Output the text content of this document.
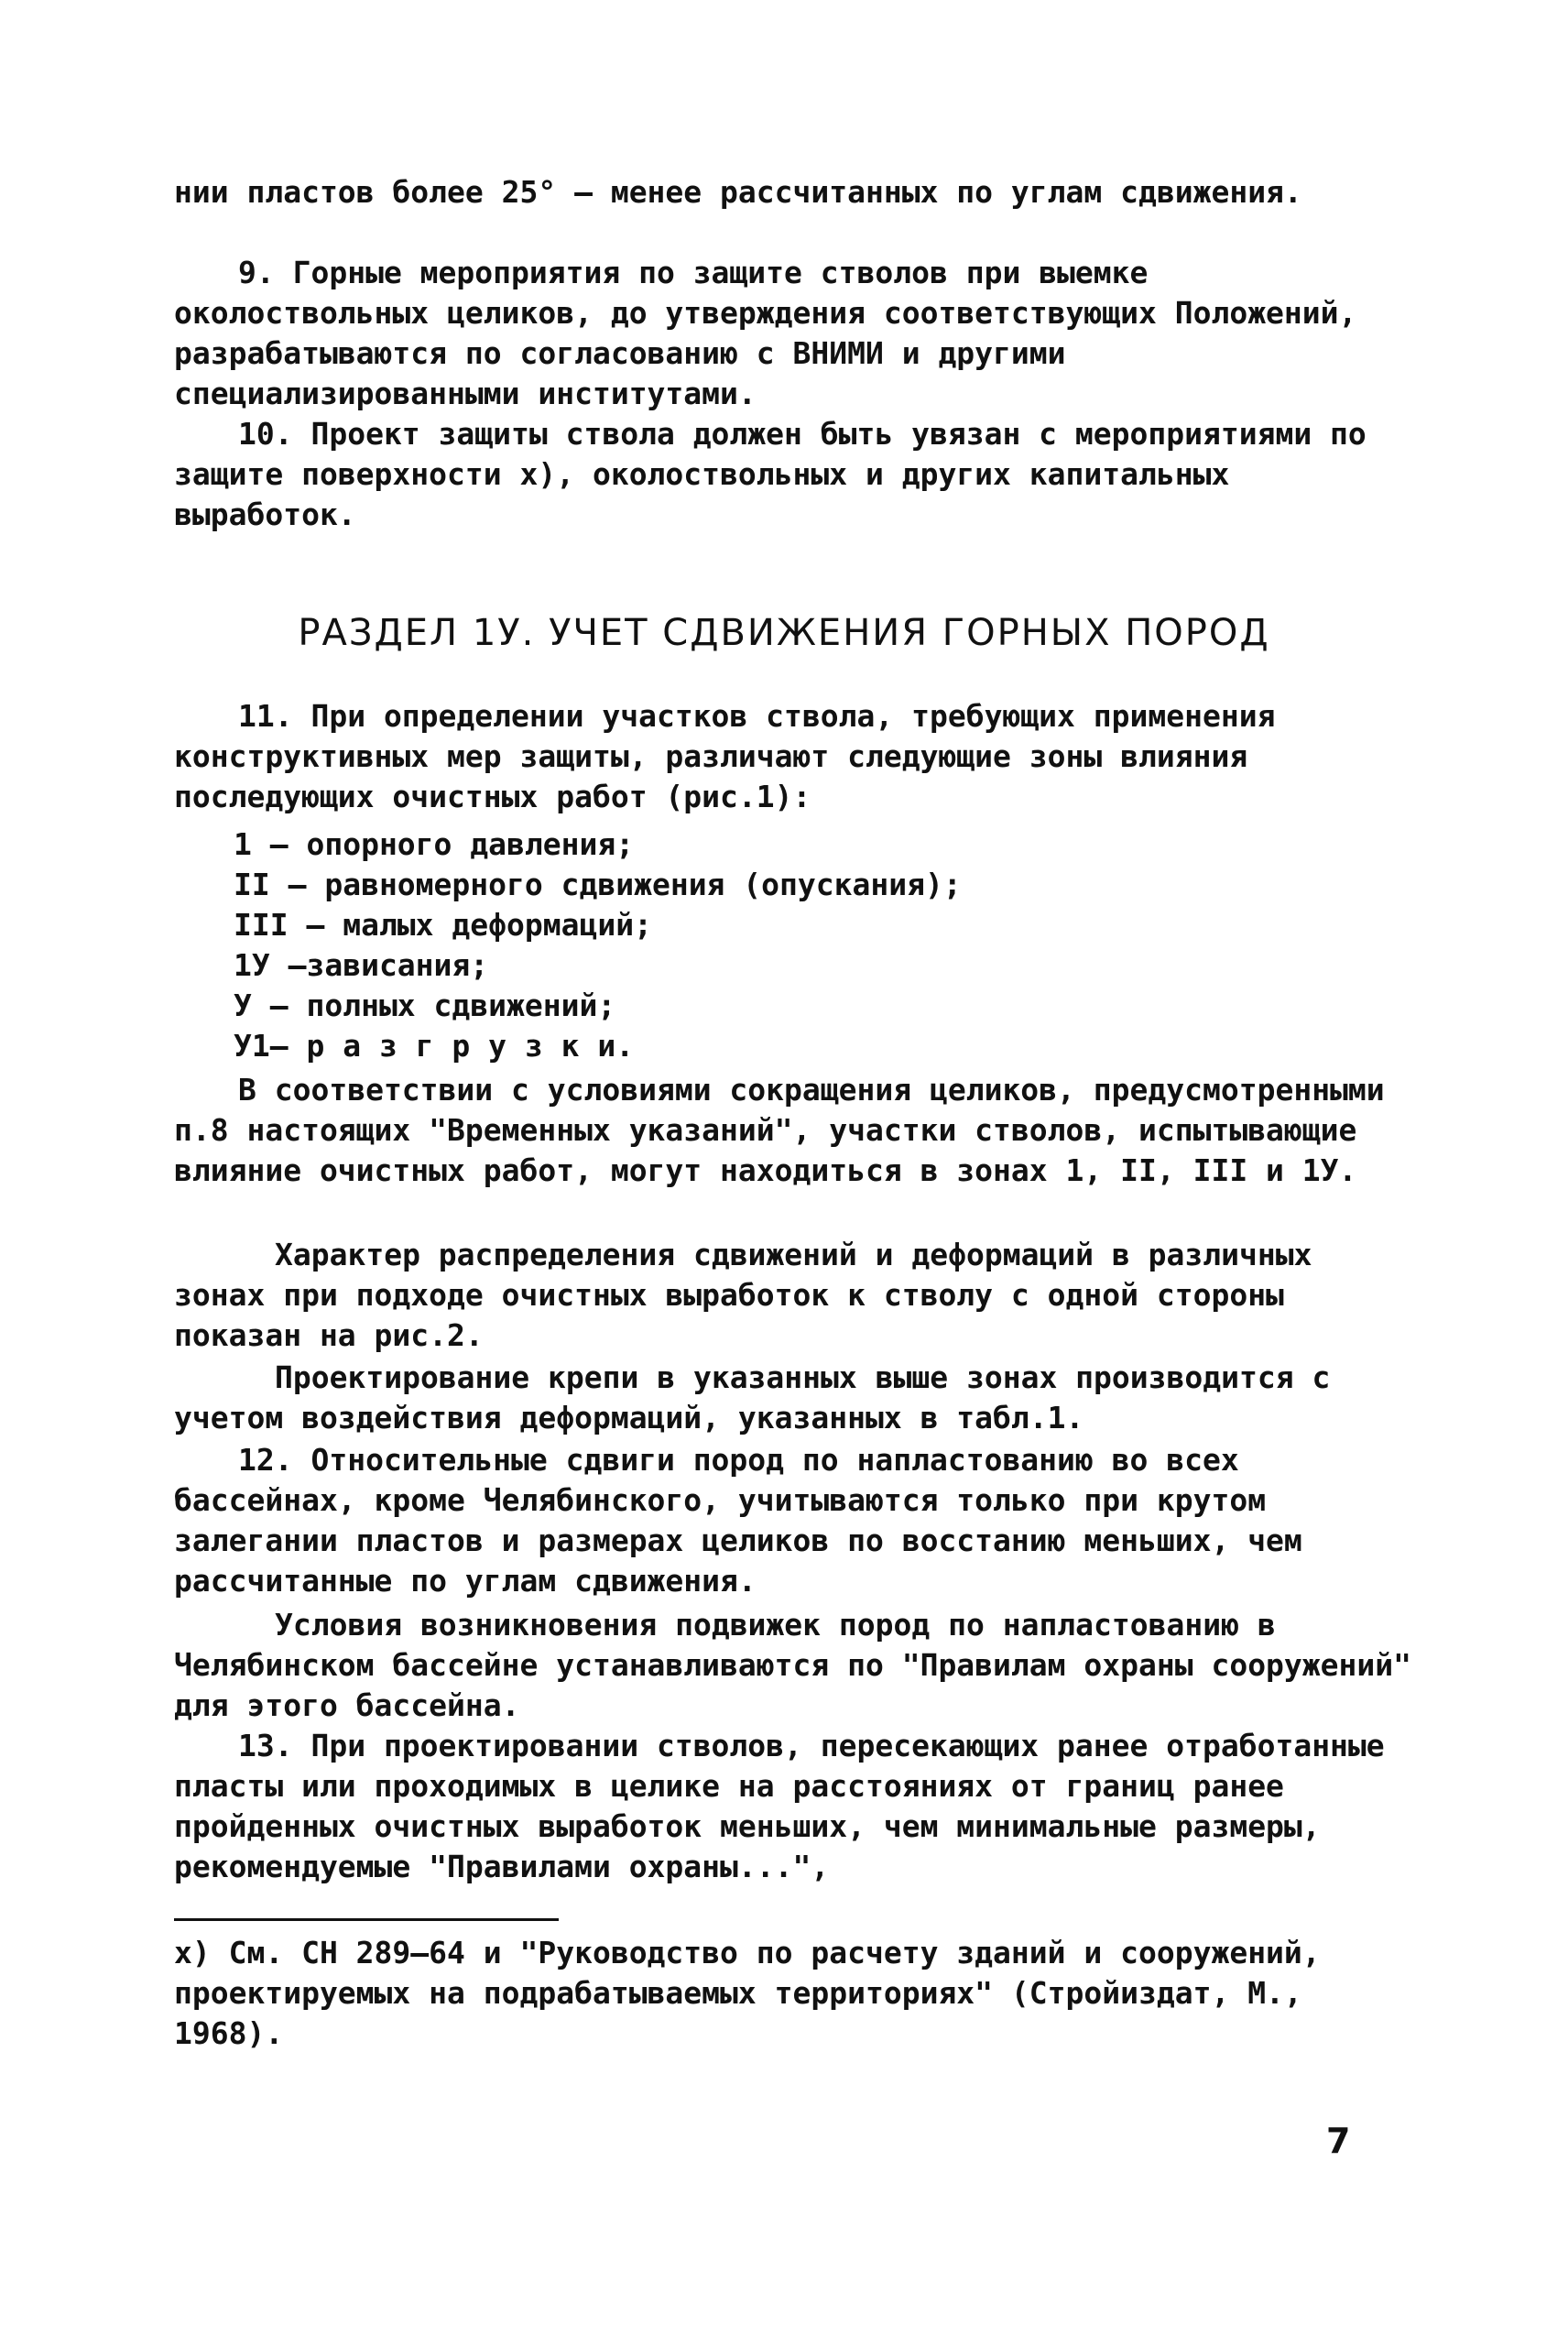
нии пластов более 25° – менее рассчитанных по углам сдвижения.
9. Горные мероприятия по защите стволов при выемке околоствольных целиков, до утверждения соответствующих Положений, разрабатываются по согласованию с ВНИМИ и другими специализированными институтами.
10. Проект защиты ствола должен быть увязан с мероприятиями по защите поверхности x), околоствольных и других капитальных выработок.
РАЗДЕЛ 1У. УЧЕТ СДВИЖЕНИЯ ГОРНЫХ ПОРОД
11. При определении участков ствола, требующих применения конструктивных мер защиты, различают следующие зоны влияния последующих очистных работ (рис.1):
1 – опорного давления;
II – равномерного сдвижения (опускания);
III – малых деформаций;
1У –зависания;
У – полных сдвижений;
У1– р а з г р у з к и.
В соответствии с условиями сокращения целиков, предусмотренными п.8 настоящих "Временных указаний", участки стволов, испытывающие влияние очистных работ, могут находиться в зонах 1, II, III и 1У.
Характер распределения сдвижений и деформаций в различных зонах при подходе очистных выработок к стволу с одной стороны показан на рис.2.
Проектирование крепи в указанных выше зонах производится с учетом воздействия деформаций, указанных в табл.1.
12. Относительные сдвиги пород по напластованию во всех бассейнах, кроме Челябинского, учитываются только при крутом залегании пластов и размерах целиков по восстанию меньших, чем рассчитанные по углам сдвижения.
Условия возникновения подвижек пород по напластованию в Челябинском бассейне устанавливаются по "Правилам охраны сооружений" для этого бассейна.
13. При проектировании стволов, пересекающих ранее отработанные пласты или проходимых в целике на расстояниях от границ ранее пройденных очистных выработок меньших, чем минимальные размеры, рекомендуемые "Правилами охраны...",
x) См. СН 289–64 и "Руководство по расчету зданий и сооружений, проектируемых на подрабатываемых территориях" (Стройиздат, М., 1968).
7
